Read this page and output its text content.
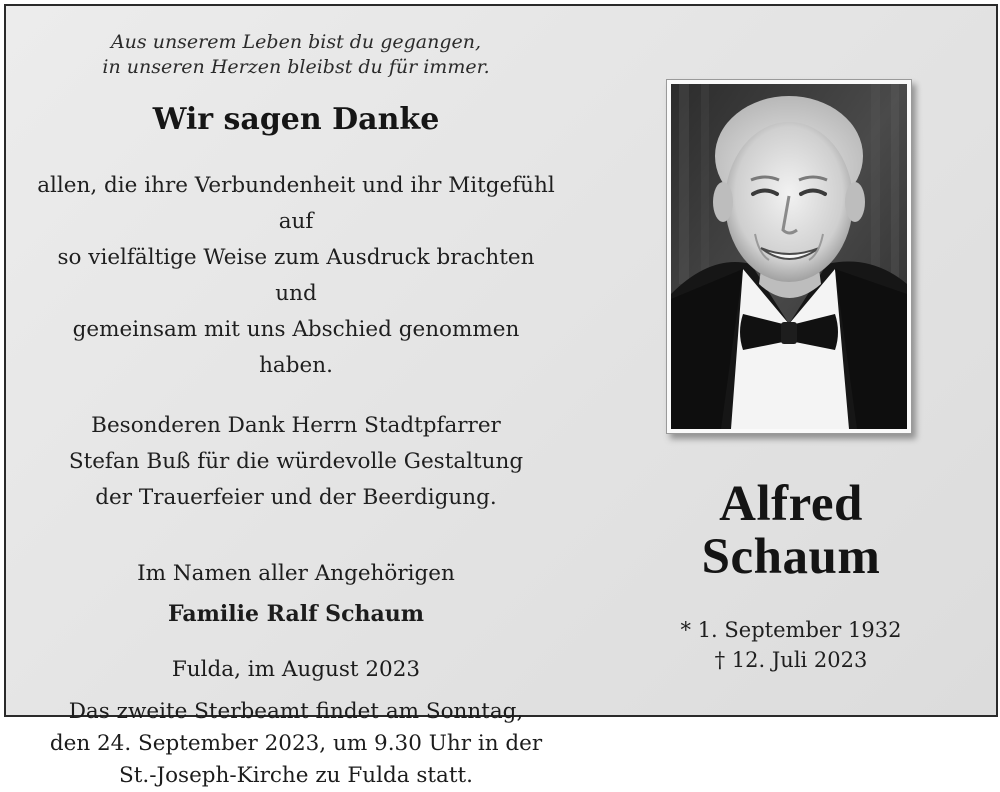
Aus unserem Leben bist du gegangen,

in unseren Herzen bleibst du für immer.

Wir sagen Danke

allen, die ihre Verbundenheit und ihr Mitgefühl auf

so vielfältige Weise zum Ausdruck brachten und

gemeinsam mit uns Abschied genommen haben.

Besonderen Dank Herrn Stadtpfarrer

Stefan Buß für die würdevolle Gestaltung

der Trauerfeier und der Beerdigung.

Im Namen aller Angehörigen

Familie Ralf Schaum

Fulda, im August 2023

Das zweite Sterbeamt findet am Sonntag,

den 24. September 2023, um 9.30 Uhr in der

St.-Joseph-Kirche zu Fulda statt.

Alfred
Schaum
* 1. September 1932
† 12. Juli 2023
